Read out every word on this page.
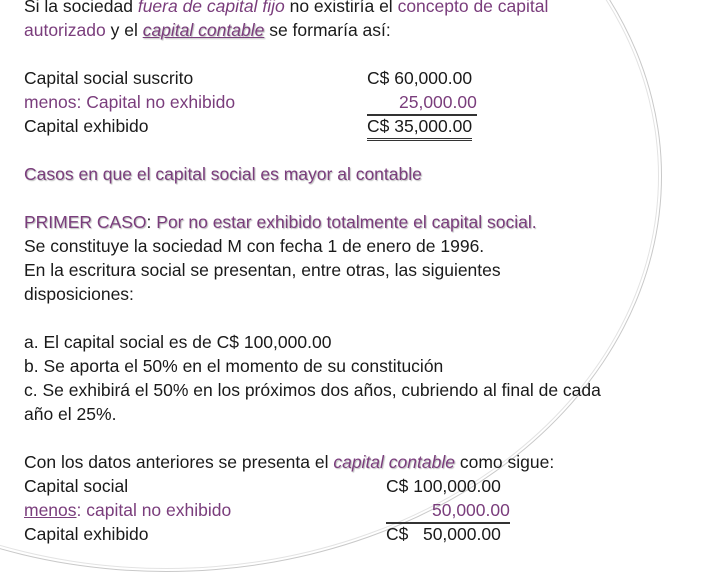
Si la sociedad fuera de capital fijo no existiría el concepto de capital
autorizado y el capital contable se formaría así:
Capital social suscrito	C$ 60,000.00
menos: Capital no exhibido	25,000.00
Capital exhibido	C$ 35,000.00
Casos en que el capital social es mayor al contable
PRIMER CASO: Por no estar exhibido totalmente el capital social.
Se constituye la sociedad M con fecha 1 de enero de 1996.
En la escritura social se presentan, entre otras, las siguientes
disposiciones:
a. El capital social es de C$ 100,000.00
b. Se aporta el 50% en el momento de su constitución
c. Se exhibirá el 50% en los próximos dos años, cubriendo al final de cada
año el 25%.
Con los datos anteriores se presenta el capital contable como sigue:
Capital social	C$ 100,000.00
menos: capital no exhibido	50,000.00
Capital exhibido	C$   50,000.00
